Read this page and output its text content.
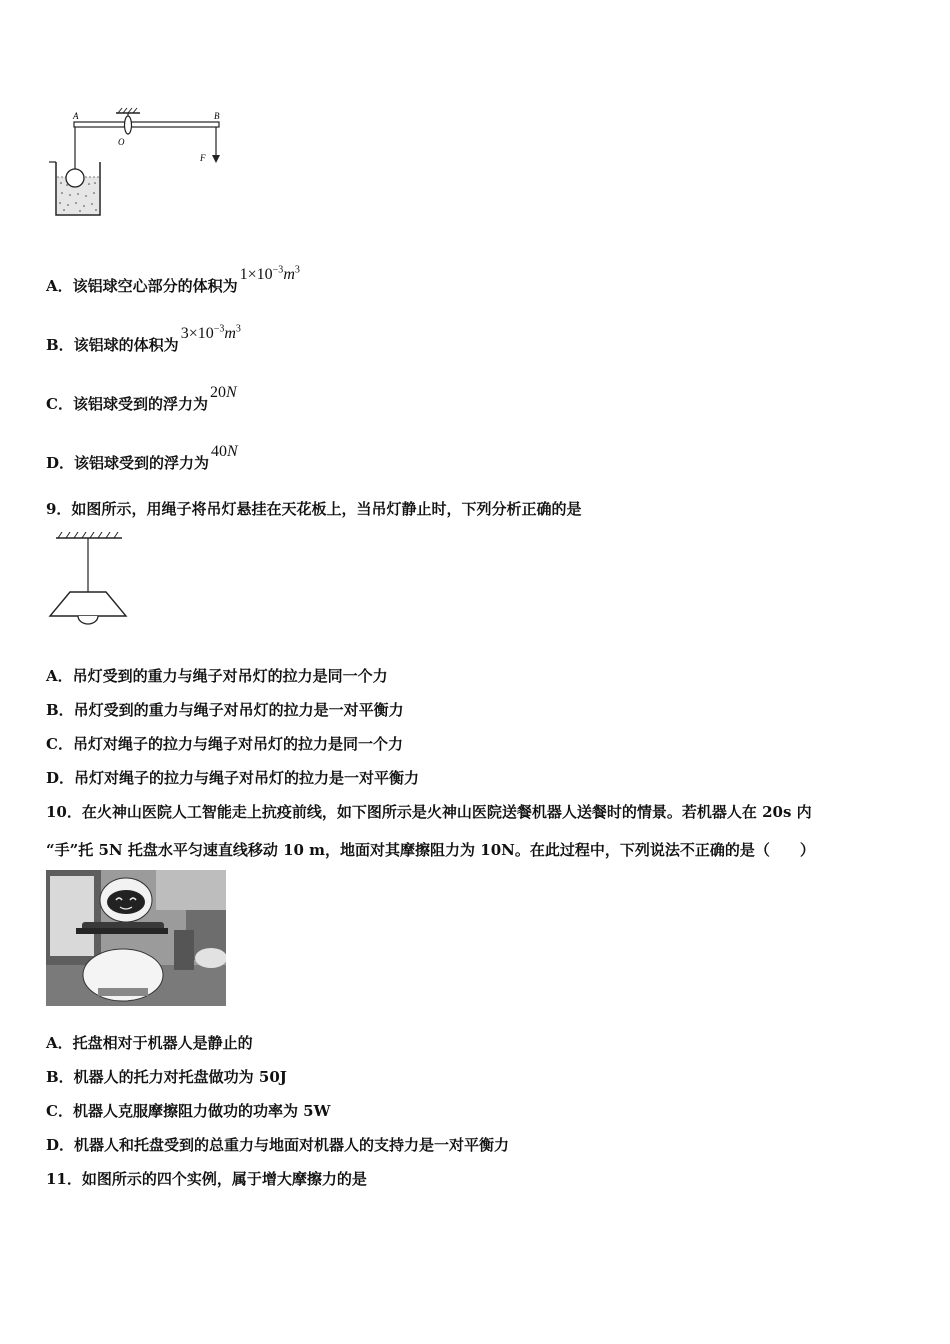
A	B
O
F
A．该铝球空心部分的体积为$1\times 10^{-3}m^3$
B．该铝球的体积为$3\times 10^{-3}m^3$
C．该铝球受到的浮力为20N
D．该铝球受到的浮力为40N
9．如图所示，用绳子将吊灯悬挂在天花板上，当吊灯静止时，下列分析正确的是
A．吊灯受到的重力与绳子对吊灯的拉力是同一个力
B．吊灯受到的重力与绳子对吊灯的拉力是一对平衡力
C．吊灯对绳子的拉力与绳子对吊灯的拉力是同一个力
D．吊灯对绳子的拉力与绳子对吊灯的拉力是一对平衡力
10．在火神山医院人工智能走上抗疫前线，如下图所示是火神山医院送餐机器人送餐时的情景。若机器人在 20s 内
“手”托 5N 托盘水平匀速直线移动 10 m，地面对其摩擦阻力为 10N。在此过程中，下列说法不正确的是（　　）
A．托盘相对于机器人是静止的
B．机器人的托力对托盘做功为 50J
C．机器人克服摩擦阻力做功的功率为 5W
D．机器人和托盘受到的总重力与地面对机器人的支持力是一对平衡力
11．如图所示的四个实例，属于增大摩擦力的是
